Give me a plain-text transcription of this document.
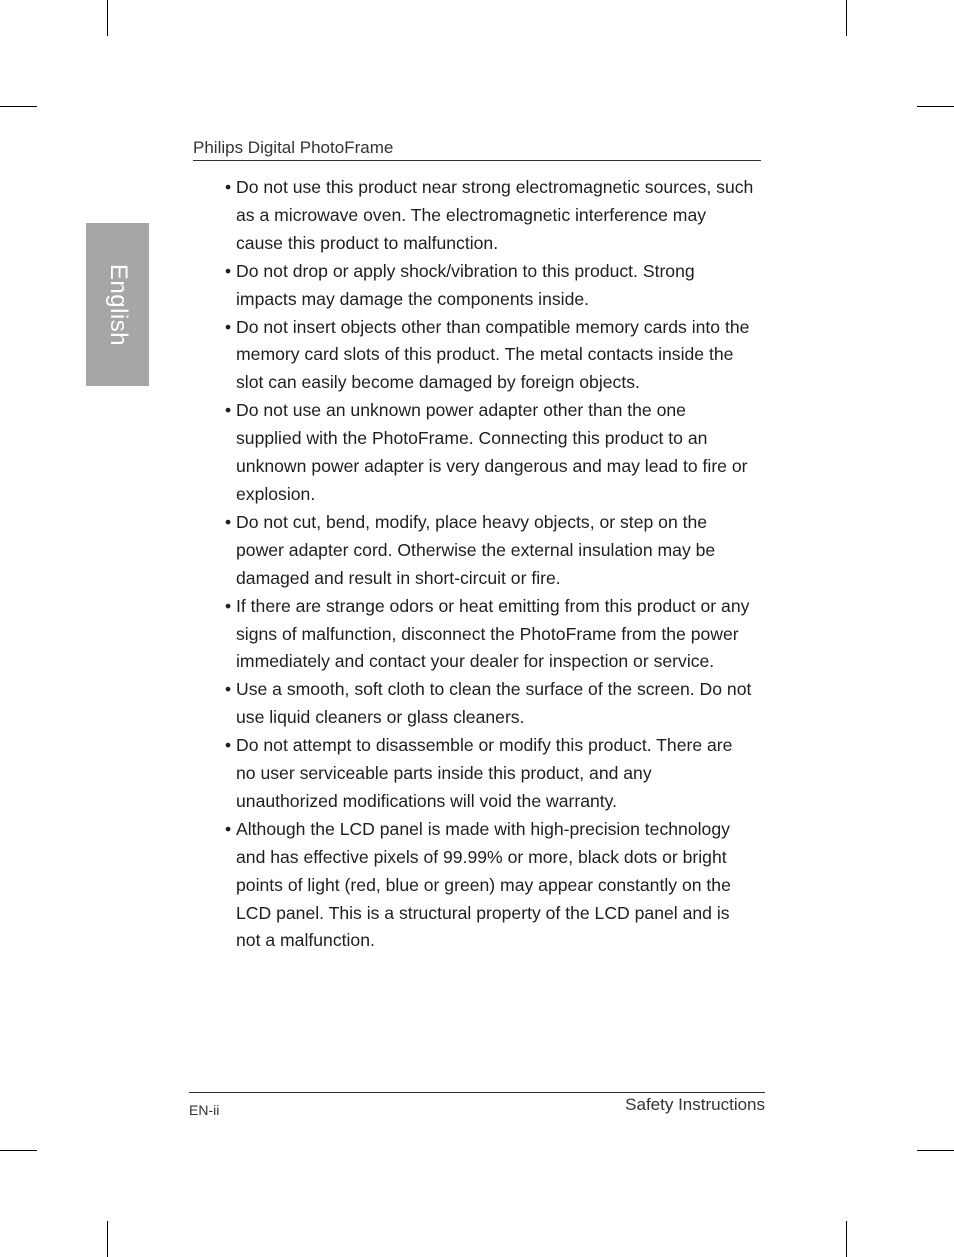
English
Philips Digital PhotoFrame
• Do not use this product near strong electromagnetic sources, such as a microwave oven. The electromagnetic interference may cause this product to malfunction.
• Do not drop or apply shock/vibration to this product. Strong impacts may damage the components inside.
• Do not insert objects other than compatible memory cards into the memory card slots of this product. The metal contacts inside the slot can easily become damaged by foreign objects.
• Do not use an unknown power adapter other than the one supplied with the PhotoFrame. Connecting this product to an unknown power adapter is very dangerous and may lead to fire or explosion.
• Do not cut, bend, modify, place heavy objects, or step on the power adapter cord. Otherwise the external insulation may be damaged and result in short-circuit or fire.
• If there are strange odors or heat emitting from this product or any signs of malfunction, disconnect the PhotoFrame from the power immediately and contact your dealer for inspection or service.
• Use a smooth, soft cloth to clean the surface of the screen. Do not use liquid cleaners or glass cleaners.
• Do not attempt to disassemble or modify this product. There are no user serviceable parts inside this product, and any unauthorized modifications will void the warranty.
• Although the LCD panel is made with high-precision technology and has effective pixels of 99.99% or more, black dots or bright points of light (red, blue or green) may appear constantly on the LCD panel. This is a structural property of the LCD panel and is not a malfunction.
EN-ii	Safety Instructions
